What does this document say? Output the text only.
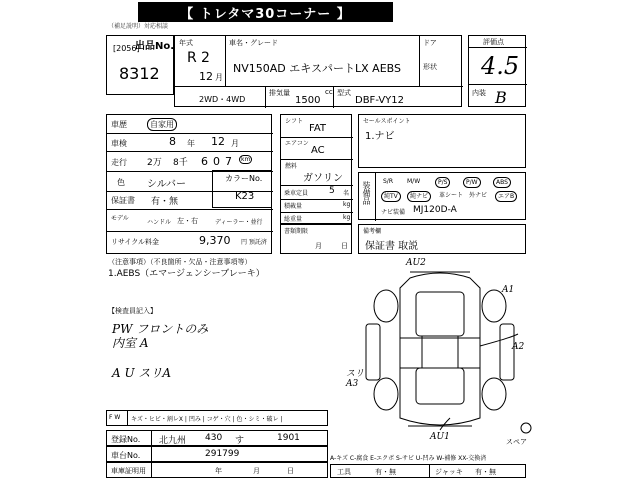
【 トレタマ30コーナー 】
（補足説明）対応相談
[2056]
出品No.
8312
年式
R 2
12 月
車名・グレード
NV150AD エキスパートLX AEBS
ドア
形状
2WD・4WD
排気量
1500
cc 型式
DBF-VY12
評価点
4.5
内装 B
車歴	自家用
車検	8 年 12 月
走行 2万 8千 6 0 7	km
色 シルバー
保証書 有・無
モデル
ハンドル 左・右	ディーラー・並行
リサイクル料金	9,370 円 預託済
カラーNo.
K23
シフト
FAT
エアコン
AC
燃料
ガソリン
乗車定員 5 名
積載量	kg
総重量	kg
書類期限
月	日
セールスポイント
1.ナビ
装備品	S/R	M/W	P/S	P/W	ABS
純TV	純ナビ	革シート 外ナビ	エアB
ナビ装備 MJ120D-A
備考欄
保証書 取説
（注意事項）（不良箇所・欠品・注意事項等）
1.AEBS（エマージェンシーブレーキ）
【検査員記入】
PW フロントのみ
内室 A
A U スリA
AU2
A1
A2
スリA3
AU1	スペア
F W キズ・ヒビ・割レX | 凹み | コゲ・穴 | 色・シミ・破レ |
登録No. 北九州 430 す	1901
車台No.	291799
車庫証明用	年	月	日
A-キズ C-腐食 E-エクボ S-サビ U-凹み W-補修 XX-交換済
工具	有・無	ジャッキ 有・無
